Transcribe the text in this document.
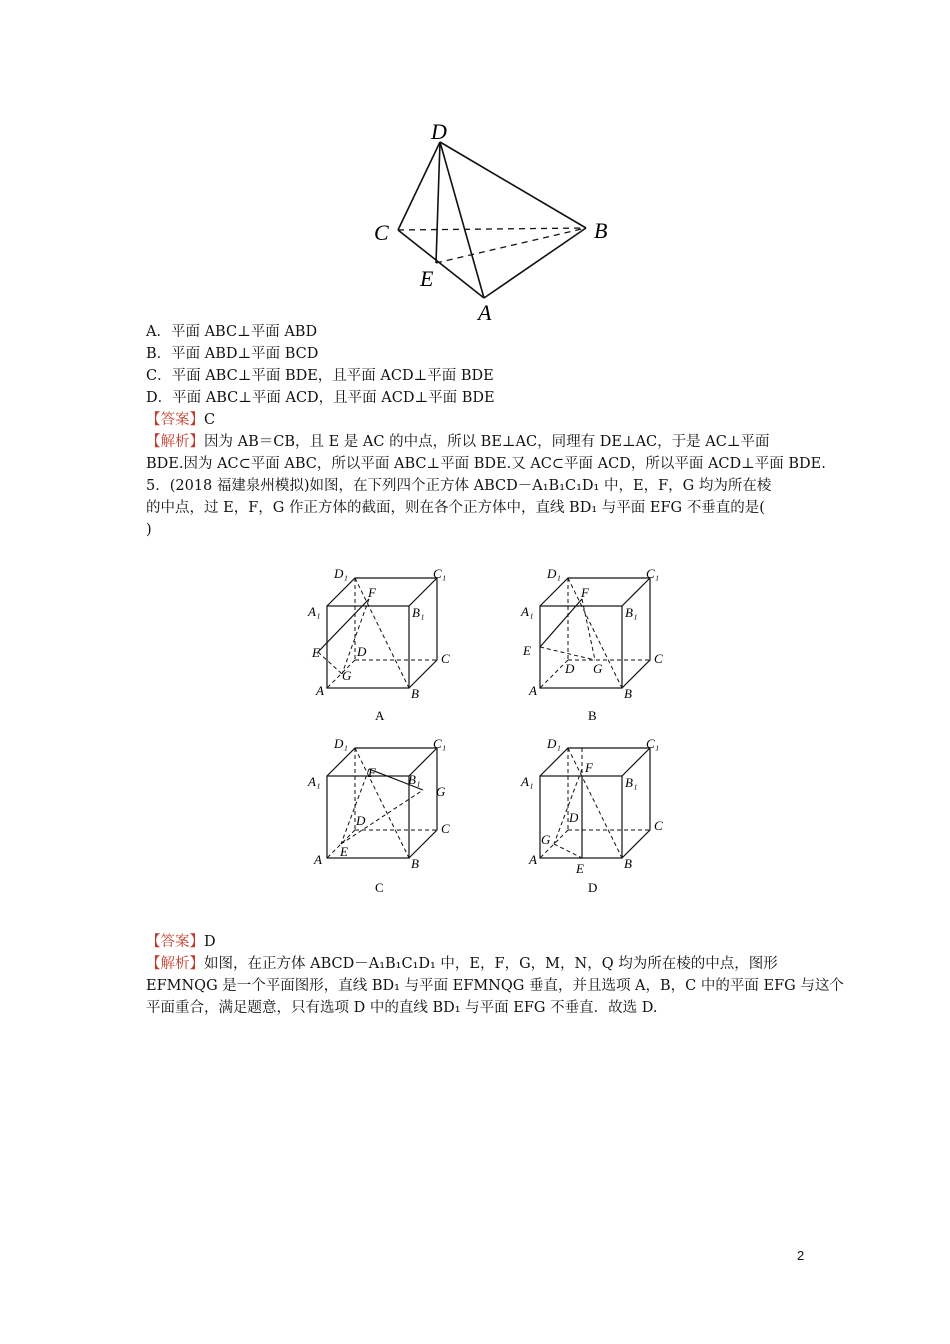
D
C	B
E
A
A．平面 ABC⊥平面 ABD
B．平面 ABD⊥平面 BCD
C．平面 ABC⊥平面 BDE，且平面 ACD⊥平面 BDE
D．平面 ABC⊥平面 ACD，且平面 ACD⊥平面 BDE
【答案】C
【解析】因为 AB＝CB，且 E 是 AC 的中点，所以 BE⊥AC，同理有 DE⊥AC，于是 AC⊥平面
BDE.因为 AC⊂平面 ABC，所以平面 ABC⊥平面 BDE.又 AC⊂平面 ACD，所以平面 ACD⊥平面 BDE.
5．(2018 福建泉州模拟)如图，在下列四个正方体 ABCD－A₁B₁C₁D₁ 中，E，F，G 均为所在棱
的中点，过 E，F，G 作正方体的截面，则在各个正方体中，直线 BD₁ 与平面 EFG 不垂直的是(
)
D₁	C₁
A₁	B₁
F
E	D	C
G
A	B
A
D₁	C₁
A₁	B₁
F
E
D G
C
A	B
B
D₁	C₁
A₁	B₁
G
F
D
C
E
A	B
C
D₁	C₁
A₁	B₁
F
D
C
G
A
E	B
D
【答案】D
【解析】如图，在正方体 ABCD－A₁B₁C₁D₁ 中，E，F，G，M，N，Q 均为所在棱的中点，图形
EFMNQG 是一个平面图形，直线 BD₁ 与平面 EFMNQG 垂直，并且选项 A，B，C 中的平面 EFG 与这个
平面重合，满足题意，只有选项 D 中的直线 BD₁ 与平面 EFG 不垂直．故选 D.
2
